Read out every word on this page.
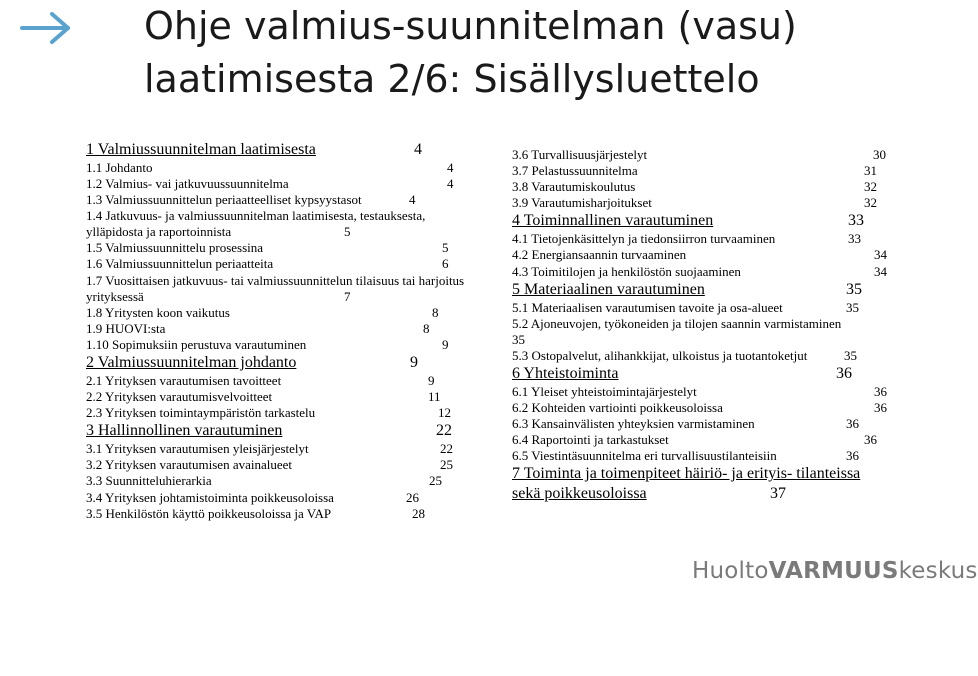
Ohje valmius-suunnitelman (vasu)
laatimisesta 2/6: Sisällysluettelo
1 Valmiussuunnitelman laatimisesta	4
1.1 Johdanto	4
1.2 Valmius- vai jatkuvuussuunnitelma	4
1.3 Valmiussuunnittelun periaatteelliset kypsyystasot	4
1.4 Jatkuvuus- ja valmiussuunnitelman laatimisesta, testauksesta, ylläpidosta ja raportoinnista	5
1.5 Valmiussuunnittelu prosessina	5
1.6 Valmiussuunnittelun periaatteita	6
1.7 Vuosittaisen jatkuvuus- tai valmiussuunnittelun tilaisuus tai harjoitus yrityksessä	7
1.8 Yritysten koon vaikutus	8
1.9 HUOVI:sta	8
1.10 Sopimuksiin perustuva varautuminen	9
2 Valmiussuunnitelman johdanto	9
2.1 Yrityksen varautumisen tavoitteet	9
2.2 Yrityksen varautumisvelvoitteet	11
2.3 Yrityksen toimintaympäristön tarkastelu	12
3 Hallinnollinen varautuminen	22
3.1 Yrityksen varautumisen yleisjärjestelyt	22
3.2 Yrityksen varautumisen avainalueet	25
3.3 Suunnitteluhierarkia	25
3.4 Yrityksen johtamistoiminta poikkeusoloissa	26
3.5 Henkilöstön käyttö poikkeusoloissa ja VAP	28
3.6 Turvallisuusjärjestelyt	30
3.7 Pelastussuunnitelma	31
3.8 Varautumiskoulutus	32
3.9 Varautumisharjoitukset	32
4 Toiminnallinen varautuminen	33
4.1 Tietojenkäsittelyn ja tiedonsiirron turvaaminen	33
4.2 Energiansaannin turvaaminen	34
4.3 Toimitilojen ja henkilöstön suojaaminen	34
5 Materiaalinen varautuminen	35
5.1 Materiaalisen varautumisen tavoite ja osa-alueet	35
5.2 Ajoneuvojen, työkoneiden ja tilojen saannin varmistaminen
35
5.3 Ostopalvelut, alihankkijat, ulkoistus ja tuotantoketjut	35
6 Yhteistoiminta	36
6.1 Yleiset yhteistoimintajärjestelyt	36
6.2 Kohteiden vartiointi poikkeusoloissa	36
6.3 Kansainvälisten yhteyksien varmistaminen	36
6.4 Raportointi ja tarkastukset	36
6.5 Viestintäsuunnitelma eri turvallisuustilanteisiin	36
7 Toiminta ja toimenpiteet häiriö- ja erityis- tilanteissa sekä poikkeusoloissa	37
HuoltoVARMUUSkeskus
